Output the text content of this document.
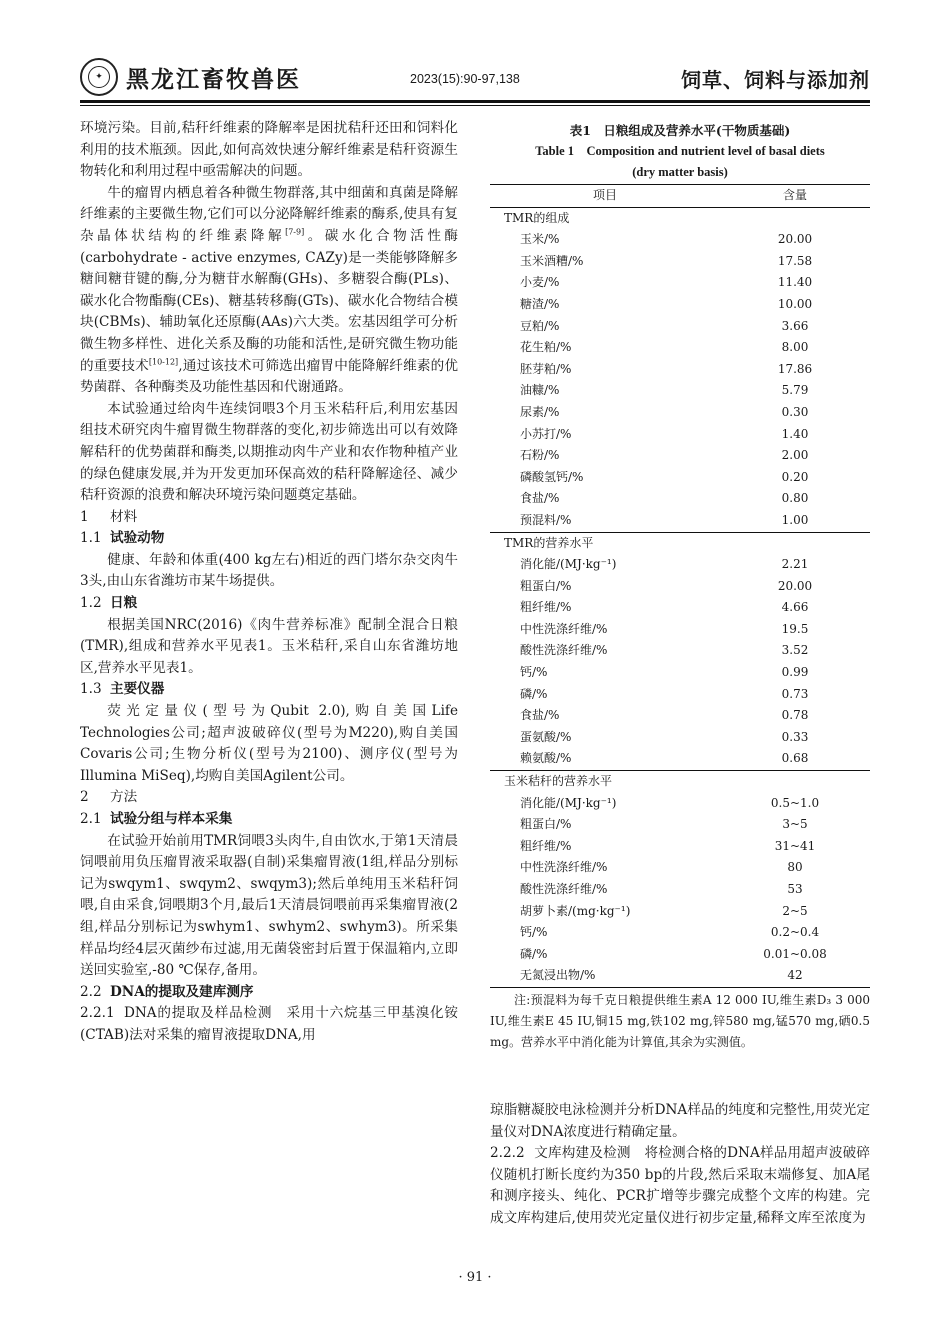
✦	黑龙江畜牧兽医	2023(15):90-97,138	饲草、饲料与添加剂

环境污染。目前,秸秆纤维素的降解率是困扰秸秆还田和饲料化利用的技术瓶颈。因此,如何高效快速分解纤维素是秸秆资源生物转化和利用过程中亟需解决的问题。

牛的瘤胃内栖息着各种微生物群落,其中细菌和真菌是降解纤维素的主要微生物,它们可以分泌降解纤维素的酶系,使具有复杂晶体状结构的纤维素降解[7-9]。碳水化合物活性酶(carbohydrate - active enzymes, CAZy)是一类能够降解多糖间糖苷键的酶,分为糖苷水解酶(GHs)、多糖裂合酶(PLs)、碳水化合物酯酶(CEs)、糖基转移酶(GTs)、碳水化合物结合模块(CBMs)、辅助氧化还原酶(AAs)六大类。宏基因组学可分析微生物多样性、进化关系及酶的功能和活性,是研究微生物功能的重要技术[10-12],通过该技术可筛选出瘤胃中能降解纤维素的优势菌群、各种酶类及功能性基因和代谢通路。

本试验通过给肉牛连续饲喂3个月玉米秸秆后,利用宏基因组技术研究肉牛瘤胃微生物群落的变化,初步筛选出可以有效降解秸秆的优势菌群和酶类,以期推动肉牛产业和农作物种植产业的绿色健康发展,并为开发更加环保高效的秸秆降解途径、减少秸秆资源的浪费和解决环境污染问题奠定基础。

1 材料

1.1 试验动物

健康、年龄和体重(400 kg左右)相近的西门塔尔杂交肉牛3头,由山东省潍坊市某牛场提供。

1.2 日粮

根据美国NRC(2016)《肉牛营养标准》配制全混合日粮(TMR),组成和营养水平见表1。玉米秸秆,采自山东省潍坊地区,营养水平见表1。

1.3 主要仪器

荧光定量仪(型号为Qubit 2.0),购自美国Life Technologies公司;超声波破碎仪(型号为M220),购自美国Covaris公司;生物分析仪(型号为2100)、测序仪(型号为Illumina MiSeq),均购自美国Agilent公司。

2 方法

2.1 试验分组与样本采集

在试验开始前用TMR饲喂3头肉牛,自由饮水,于第1天清晨饲喂前用负压瘤胃液采取器(自制)采集瘤胃液(1组,样品分别标记为swqym1、swqym2、swqym3);然后单纯用玉米秸秆饲喂,自由采食,饲喂期3个月,最后1天清晨饲喂前再采集瘤胃液(2组,样品分别标记为swhym1、swhym2、swhym3)。所采集样品均经4层灭菌纱布过滤,用无菌袋密封后置于保温箱内,立即送回实验室,-80 ℃保存,备用。

2.2 DNA的提取及建库测序

2.2.1 DNA的提取及样品检测　 采用十六烷基三甲基溴化铵(CTAB)法对采集的瘤胃液提取DNA,用

表1　日粮组成及营养水平(干物质基础)
Table 1　Composition and nutrient level of basal diets
(dry matter basis)
项目	含量
TMR的组成	
玉米/%	20.00
玉米酒糟/%	17.58
小麦/%	11.40
糖渣/%	10.00
豆粕/%	3.66
花生粕/%	8.00
胚芽粕/%	17.86
油糠/%	5.79
尿素/%	0.30
小苏打/%	1.40
石粉/%	2.00
磷酸氢钙/%	0.20
食盐/%	0.80
预混料/%	1.00
TMR的营养水平	
消化能/(MJ·kg⁻¹)	2.21
粗蛋白/%	20.00
粗纤维/%	4.66
中性洗涤纤维/%	19.5
酸性洗涤纤维/%	3.52
钙/%	0.99
磷/%	0.73
食盐/%	0.78
蛋氨酸/%	0.33
赖氨酸/%	0.68
玉米秸秆的营养水平	
消化能/(MJ·kg⁻¹)	0.5~1.0
粗蛋白/%	3~5
粗纤维/%	31~41
中性洗涤纤维/%	80
酸性洗涤纤维/%	53
胡萝卜素/(mg·kg⁻¹)	2~5
钙/%	0.2~0.4
磷/%	0.01~0.08
无氮浸出物/%	42
注:预混料为每千克日粮提供维生素A 12 000 IU,维生素D₃ 3 000 IU,维生素E 45 IU,铜15 mg,铁102 mg,锌580 mg,锰570 mg,硒0.5 mg。营养水平中消化能为计算值,其余为实测值。

琼脂糖凝胶电泳检测并分析DNA样品的纯度和完整性,用荧光定量仪对DNA浓度进行精确定量。

2.2.2 文库构建及检测　 将检测合格的DNA样品用超声波破碎仪随机打断长度约为350 bp的片段,然后采取末端修复、加A尾和测序接头、纯化、PCR扩增等步骤完成整个文库的构建。完成文库构建后,使用荧光定量仪进行初步定量,稀释文库至浓度为

· 91 ·
